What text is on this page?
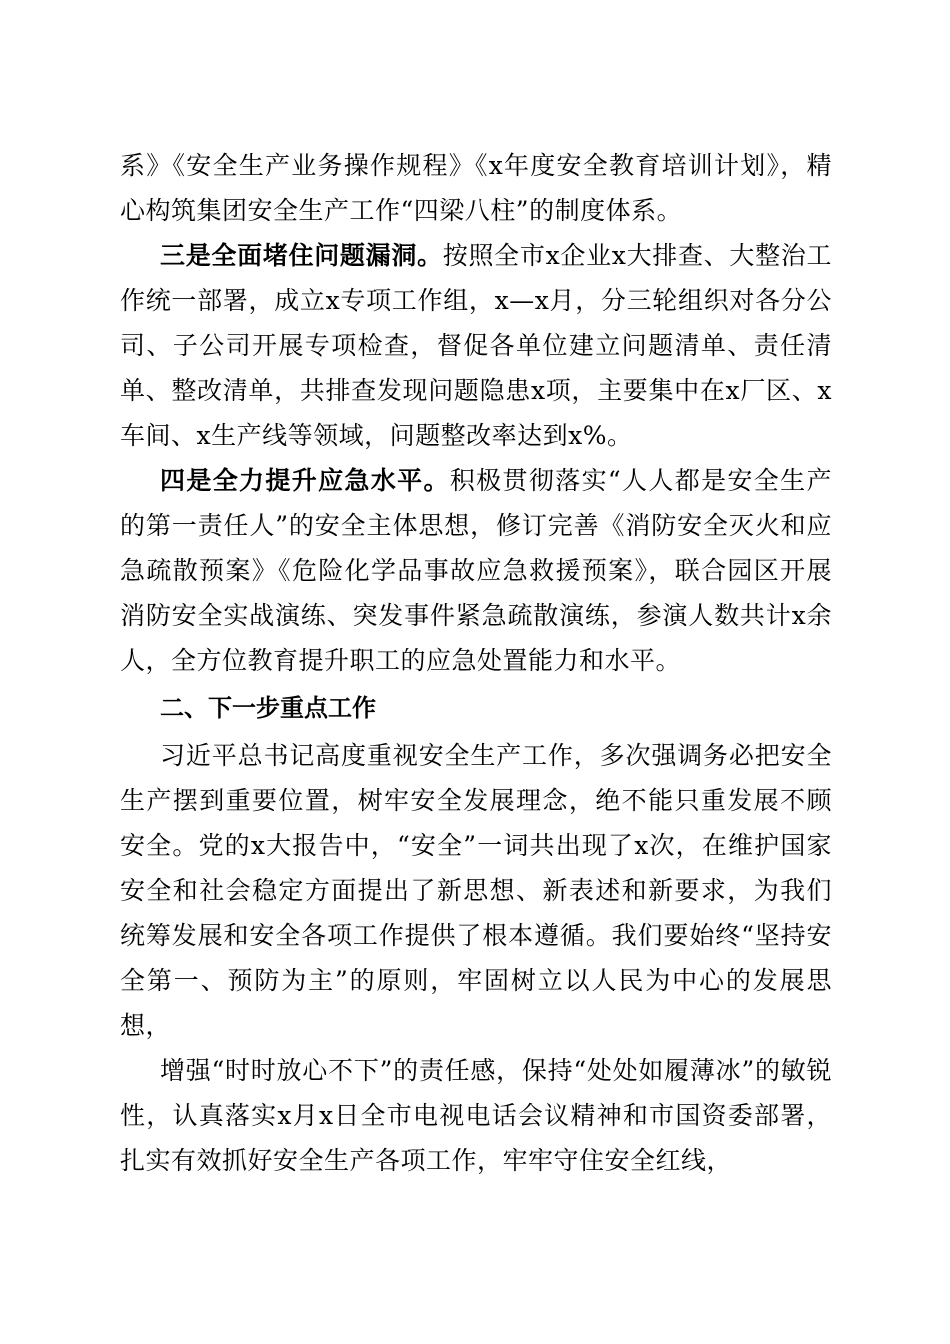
系》《安全生产业务操作规程》《x年度安全教育培训计划》，精心构筑集团安全生产工作“四梁八柱”的制度体系。

三是全面堵住问题漏洞。按照全市x企业x大排查、大整治工作统一部署，成立x专项工作组，x—x月，分三轮组织对各分公司、子公司开展专项检查，督促各单位建立问题清单、责任清单、整改清单，共排查发现问题隐患x项，主要集中在x厂区、x车间、x生产线等领域，问题整改率达到x%。

四是全力提升应急水平。积极贯彻落实“人人都是安全生产的第一责任人”的安全主体思想，修订完善《消防安全灭火和应急疏散预案》《危险化学品事故应急救援预案》，联合园区开展消防安全实战演练、突发事件紧急疏散演练，参演人数共计x余人，全方位教育提升职工的应急处置能力和水平。

二、下一步重点工作

习近平总书记高度重视安全生产工作，多次强调务必把安全生产摆到重要位置，树牢安全发展理念，绝不能只重发展不顾安全。党的x大报告中，“安全”一词共出现了x次，在维护国家安全和社会稳定方面提出了新思想、新表述和新要求，为我们统筹发展和安全各项工作提供了根本遵循。我们要始终“坚持安全第一、预防为主”的原则，牢固树立以人民为中心的发展思想，

增强“时时放心不下”的责任感，保持“处处如履薄冰”的敏锐性，认真落实x月x日全市电视电话会议精神和市国资委部署，扎实有效抓好安全生产各项工作，牢牢守住安全红线，
